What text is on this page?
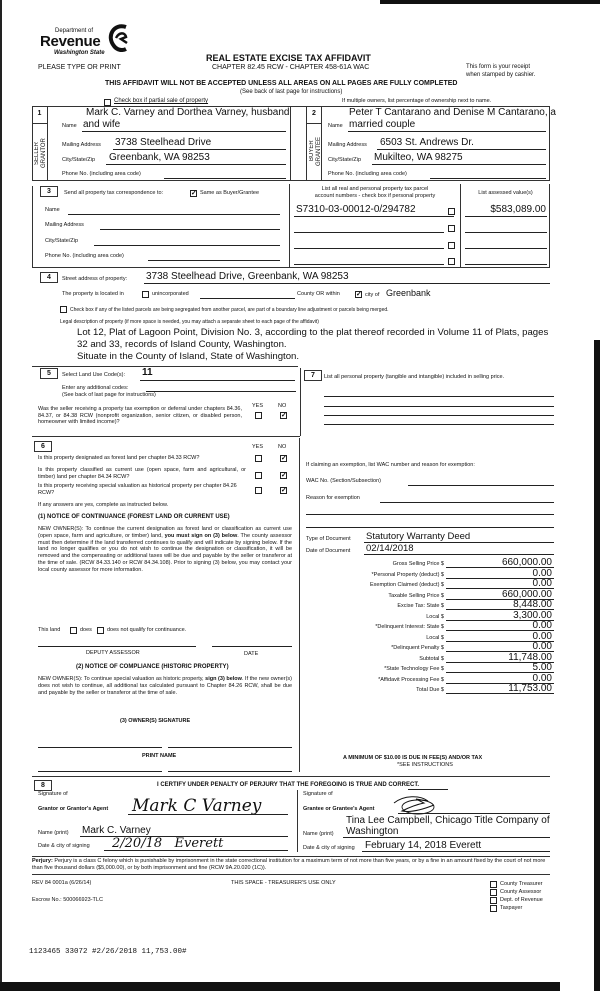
Department of
Revenue
Washington State
PLEASE TYPE OR PRINT
REAL ESTATE EXCISE TAX AFFIDAVIT
CHAPTER 82.45 RCW - CHAPTER 458-61A WAC	This form is your receipt
when stamped by cashier.
THIS AFFIDAVIT WILL NOT BE ACCEPTED UNLESS ALL AREAS ON ALL PAGES ARE FULLY COMPLETED
(See back of last page for instructions)
Check box if partial sale of property	If multiple owners, list percentage of ownership next to name.
1
SELLER
GRANTOR
Mark C. Varney and Dorthea Varney, husband
Name and wife
Mailing Address 3738 Steelhead Drive
City/State/Zip Greenbank, WA 98253
Phone No. (including area code)
2
BUYER
GRANTEE
Peter T Cantarano and Denise M Cantarano, a
Name married couple
Mailing Address 6503 St. Andrews Dr.
City/State/Zip Mukilteo, WA 98275
Phone No. (including area code)
3	Send all property tax correspondence to: ✓	Same as Buyer/Grantee
Name
Mailing Address
City/State/Zip
Phone No. (including area code)
List all real and personal property tax parcel
account numbers - check box if personal property	List assessed value(s)
S7310-03-00012-0/294782	$583,089.00
4	Street address of property: 3738 Steelhead Drive, Greenbank, WA 98253
The property is located in	unincorporated	County OR within ✓	city of Greenbank
Check box if any of the listed parcels are being segregated from another parcel, are part of a boundary line adjustment or parcels being merged.
Legal description of property (if more space is needed, you may attach a separate sheet to each page of the affidavit)
Lot 12, Plat of Lagoon Point, Division No. 3, according to the plat thereof recorded in Volume 11 of Plats, pages
32 and 33, records of Island County, Washington.
Situate in the County of Island, State of Washington.
5	Select Land Use Code(s): 11
Enter any additional codes:
(See back of last page for instructions)
YES	NO
Was the seller receiving a property tax exemption or deferral under chapters 84.36, 84.37, or 84.38 RCW (nonprofit organization, senior citizen, or disabled person, homeowner with limited income)?
✓
7	List all personal property (tangible and intangible) included in selling price.
If claiming an exemption, list WAC number and reason for exemption:
WAC No. (Section/Subsection)
Reason for exemption
Type of Document Statutory Warranty Deed
Date of Document 02/14/2018
Gross Selling Price $	660,000.00
*Personal Property (deduct) $	0.00
Exemption Claimed (deduct) $	0.00
Taxable Selling Price $	660,000.00
Excise Tax: State $	8,448.00
Local $	3,300.00
*Delinquent Interest: State $	0.00
Local $	0.00
*Delinquent Penalty $	0.00
Subtotal $	11,748.00
*State Technology Fee $	5.00
*Affidavit Processing Fee $	0.00
Total Due $	11,753.00
A MINIMUM OF $10.00 IS DUE IN FEE(S) AND/OR TAX
*SEE INSTRUCTIONS
6	YES	NO
Is this property designated as forest land per chapter 84.33 RCW?
✓
Is this property classified as current use (open space, farm and agricultural, or timber) land per chapter 84.34 RCW?
✓
Is this property receiving special valuation as historical property per chapter 84.26 RCW?
✓
If any answers are yes, complete as instructed below.
(1) NOTICE OF CONTINUANCE (FOREST LAND OR CURRENT USE)
NEW OWNER(S): To continue the current designation as forest land or classification as current use (open space, farm and agriculture, or timber) land, you must sign on (3) below. The county assessor must then determine if the land transferred continues to qualify and will indicate by signing below. If the land no longer qualifies or you do not wish to continue the designation or classification, it will be removed and the compensating or additional taxes will be due and payable by the seller or transferor at the time of sale. (RCW 84.33.140 or RCW 84.34.108). Prior to signing (3) below, you may contact your local county assessor for more information.
This land	does	does not qualify for continuance.
DEPUTY ASSESSOR	DATE
(2) NOTICE OF COMPLIANCE (HISTORIC PROPERTY)
NEW OWNER(S): To continue special valuation as historic property, sign (3) below. If the new owner(s) does not wish to continue, all additional tax calculated pursuant to Chapter 84.26 RCW, shall be due and payable by the seller or transferor at the time of sale.
(3) OWNER(S) SIGNATURE
PRINT NAME
8	I CERTIFY UNDER PENALTY OF PERJURY THAT THE FOREGOING IS TRUE AND CORRECT.
Signature of
Grantor or Grantor's Agent Mark C Varney
Name (print) Mark C. Varney
Date & city of signing 2/20/18   Everett
Signature of
Grantee or Grantee's Agent
Tina Lee Campbell, Chicago Title Company of
Name (print) Washington
Date & city of signing February 14, 2018 Everett
Perjury: Perjury is a class C felony which is punishable by imprisonment in the state correctional institution for a maximum term of not more than five years, or by a fine in an amount fixed by the court of not more than five thousand dollars ($5,000.00), or by both imprisonment and fine (RCW 9A.20.020 (1C)).
REV 84 0001a (6/26/14)	THIS SPACE - TREASURER'S USE ONLY
Escrow No.: 500066923-TLC
County Treasurer
County Assessor
Dept. of Revenue
Taxpayer
1123465 33072 #2/26/2018 11,753.00#
